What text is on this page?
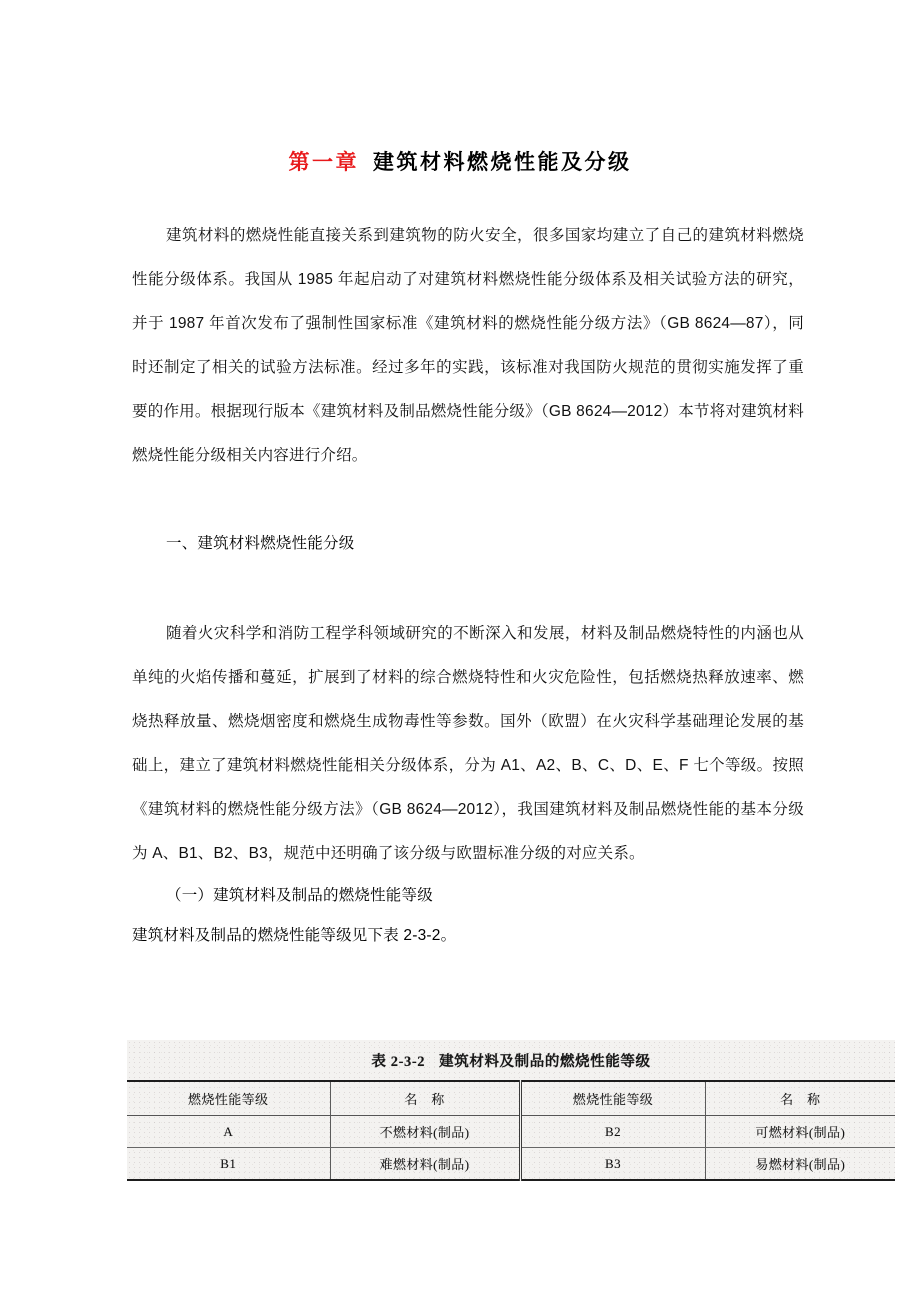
第一章 建筑材料燃烧性能及分级

建筑材料的燃烧性能直接关系到建筑物的防火安全，很多国家均建立了自己的建筑材料燃烧性能分级体系。我国从 1985 年起启动了对建筑材料燃烧性能分级体系及相关试验方法的研究，并于 1987 年首次发布了强制性国家标准《建筑材料的燃烧性能分级方法》（GB 8624—87），同时还制定了相关的试验方法标准。经过多年的实践，该标准对我国防火规范的贯彻实施发挥了重要的作用。根据现行版本《建筑材料及制品燃烧性能分级》（GB 8624—2012）本节将对建筑材料燃烧性能分级相关内容进行介绍。

一、建筑材料燃烧性能分级

随着火灾科学和消防工程学科领域研究的不断深入和发展，材料及制品燃烧特性的内涵也从单纯的火焰传播和蔓延，扩展到了材料的综合燃烧特性和火灾危险性，包括燃烧热释放速率、燃烧热释放量、燃烧烟密度和燃烧生成物毒性等参数。国外（欧盟）在火灾科学基础理论发展的基础上，建立了建筑材料燃烧性能相关分级体系，分为 A1、A2、B、C、D、E、F 七个等级。按照《建筑材料的燃烧性能分级方法》（GB 8624—2012），我国建筑材料及制品燃烧性能的基本分级为 A、B1、B2、B3，规范中还明确了该分级与欧盟标准分级的对应关系。

（一）建筑材料及制品的燃烧性能等级

建筑材料及制品的燃烧性能等级见下表 2-3-2。

表 2-3-2 建筑材料及制品的燃烧性能等级
燃烧性能等级	名　称	燃烧性能等级	名　称
A	不燃材料(制品)	B2	可燃材料(制品)
B1	难燃材料(制品)	B3	易燃材料(制品)
